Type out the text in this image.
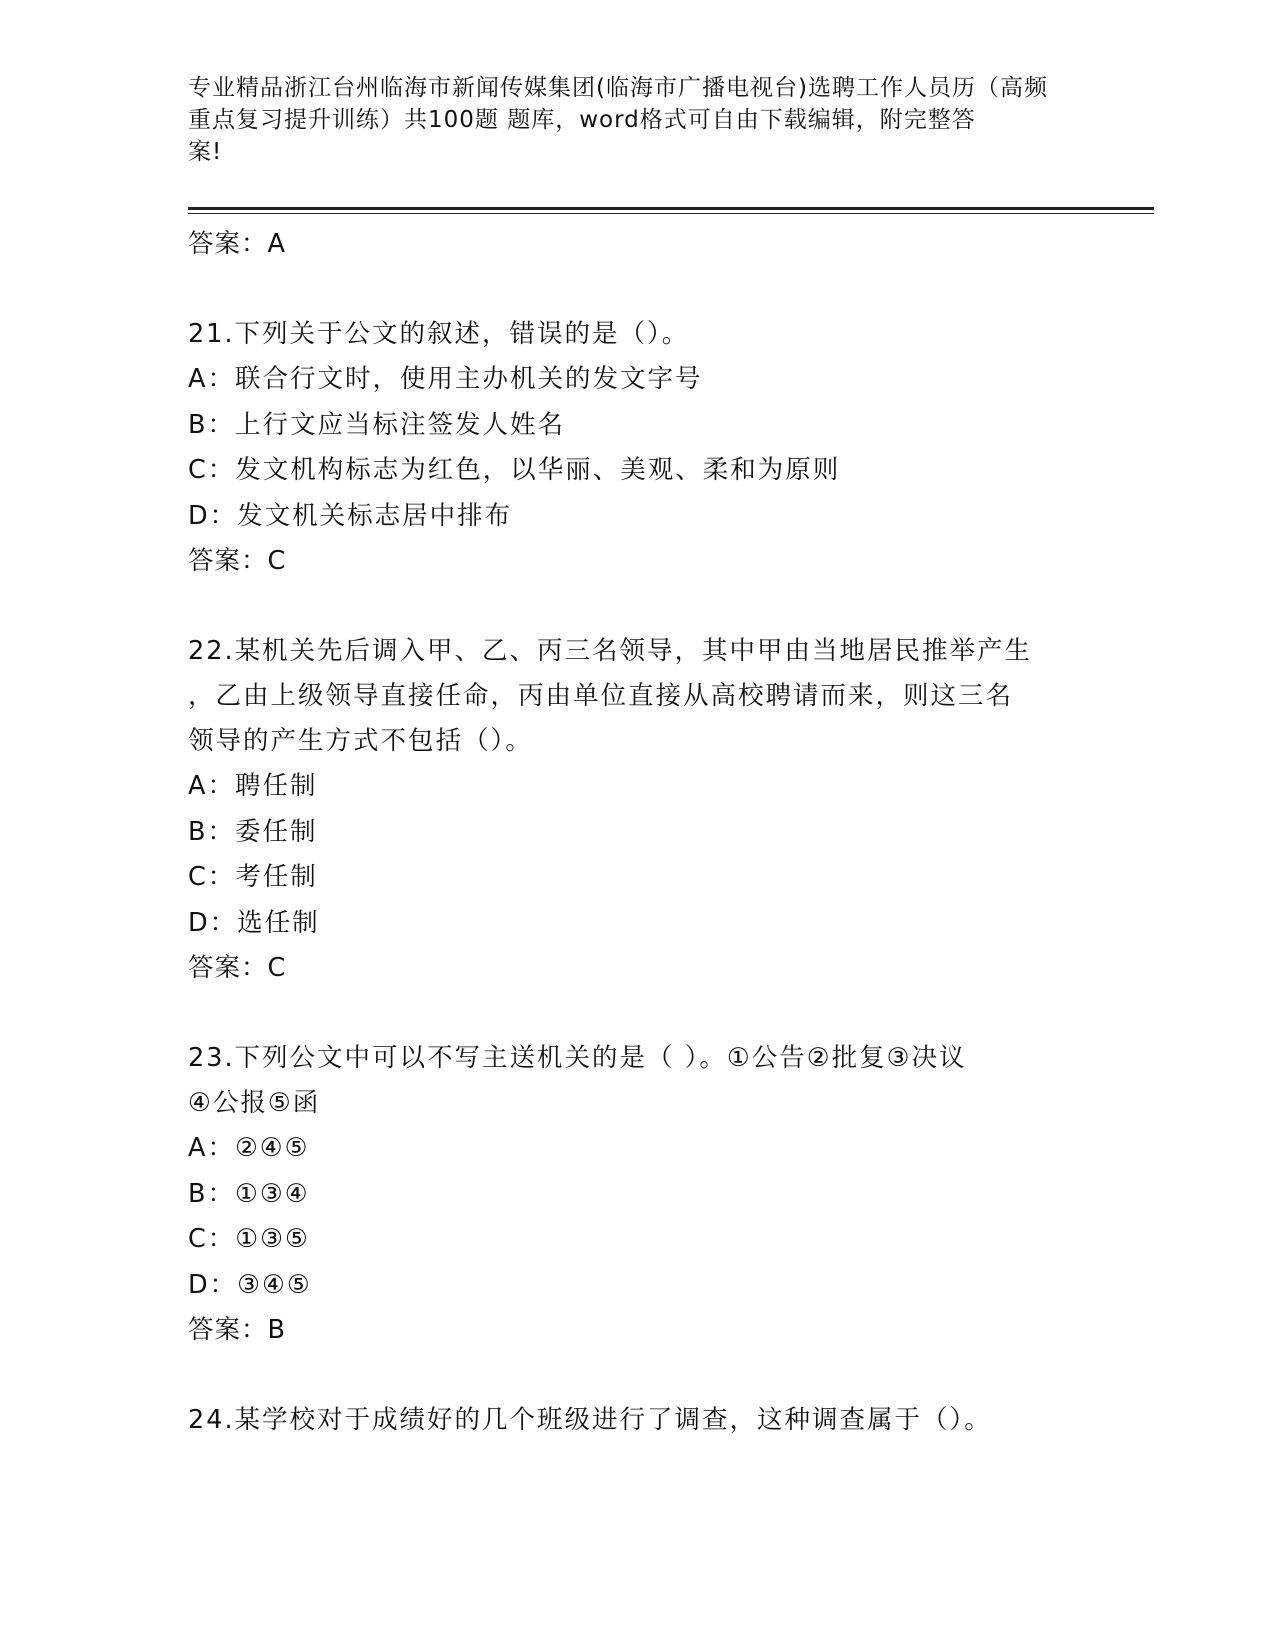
专业精品浙江台州临海市新闻传媒集团(临海市广播电视台)选聘工作人员历（高频
重点复习提升训练）共100题 题库，word格式可自由下载编辑，附完整答
案!
答案：A
21.下列关于公文的叙述，错误的是（）。
A：联合行文时，使用主办机关的发文字号
B：上行文应当标注签发人姓名
C：发文机构标志为红色，以华丽、美观、柔和为原则
D：发文机关标志居中排布
答案：C
22.某机关先后调入甲、乙、丙三名领导，其中甲由当地居民推举产生
，乙由上级领导直接任命，丙由单位直接从高校聘请而来，则这三名
领导的产生方式不包括（）。
A：聘任制
B：委任制
C：考任制
D：选任制
答案：C
23.下列公文中可以不写主送机关的是（ ）。①公告②批复③决议
④公报⑤函
A：②④⑤
B：①③④
C：①③⑤
D：③④⑤
答案：B
24.某学校对于成绩好的几个班级进行了调查，这种调查属于（）。
